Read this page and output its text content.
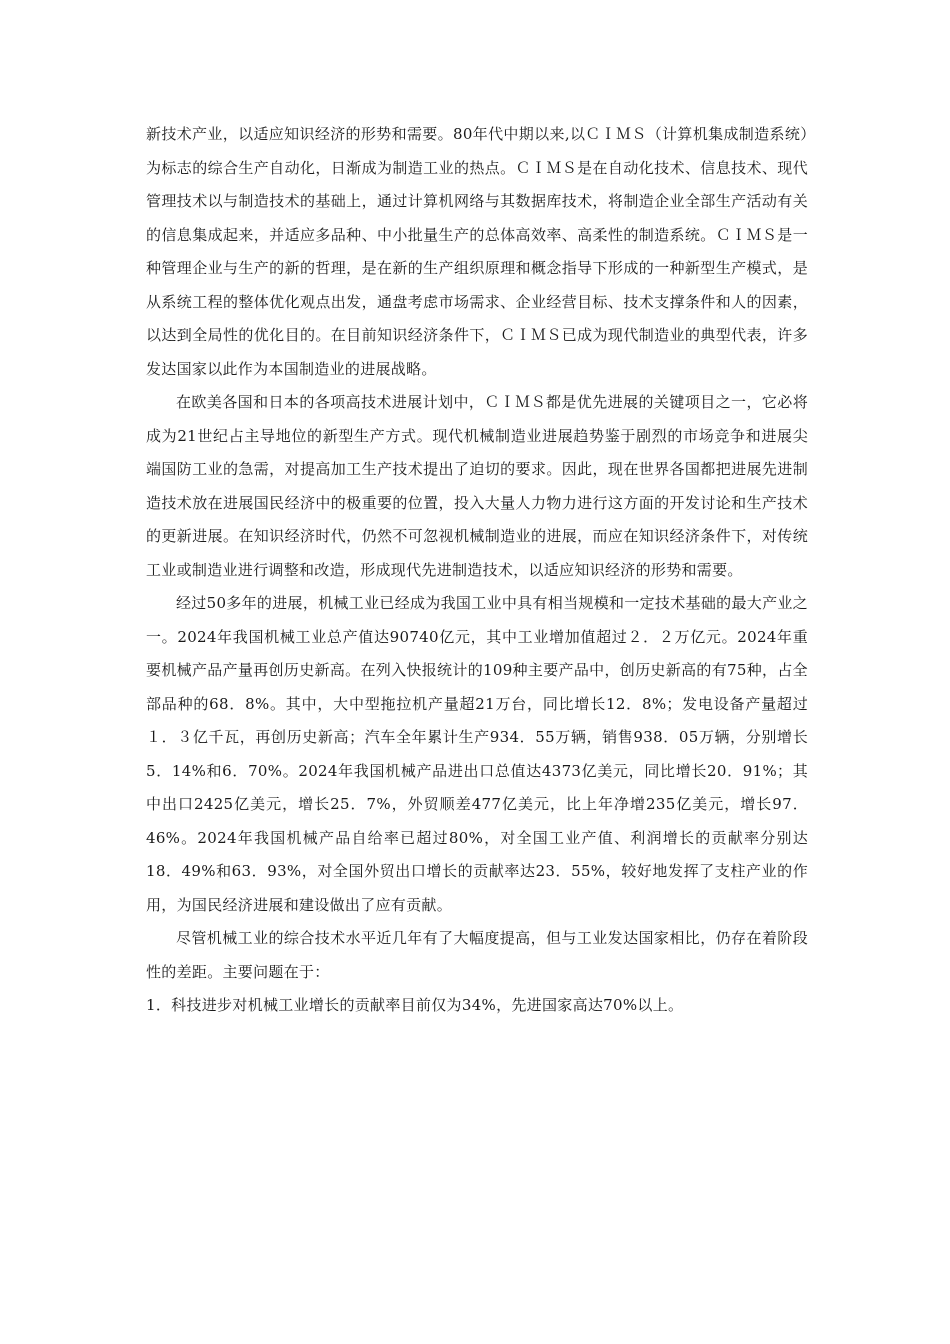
新技术产业，以适应知识经济的形势和需要。80年代中期以来,以ＣＩＭＳ（计算机集成制造系统）为标志的综合生产自动化，日渐成为制造工业的热点。ＣＩＭＳ是在自动化技术、信息技术、现代管理技术以与制造技术的基础上，通过计算机网络与其数据库技术，将制造企业全部生产活动有关的信息集成起来，并适应多品种、中小批量生产的总体高效率、高柔性的制造系统。ＣＩＭＳ是一种管理企业与生产的新的哲理，是在新的生产组织原理和概念指导下形成的一种新型生产模式，是从系统工程的整体优化观点出发，通盘考虑市场需求、企业经营目标、技术支撑条件和人的因素，以达到全局性的优化目的。在目前知识经济条件下，ＣＩＭＳ已成为现代制造业的典型代表，许多发达国家以此作为本国制造业的进展战略。

在欧美各国和日本的各项高技术进展计划中，ＣＩＭＳ都是优先进展的关键项目之一，它必将成为21世纪占主导地位的新型生产方式。现代机械制造业进展趋势鉴于剧烈的市场竞争和进展尖端国防工业的急需，对提高加工生产技术提出了迫切的要求。因此，现在世界各国都把进展先进制造技术放在进展国民经济中的极重要的位置，投入大量人力物力进行这方面的开发讨论和生产技术的更新进展。在知识经济时代，仍然不可忽视机械制造业的进展，而应在知识经济条件下，对传统工业或制造业进行调整和改造，形成现代先进制造技术，以适应知识经济的形势和需要。

经过50多年的进展，机械工业已经成为我国工业中具有相当规模和一定技术基础的最大产业之一。2024年我国机械工业总产值达90740亿元，其中工业增加值超过２．２万亿元。2024年重要机械产品产量再创历史新高。在列入快报统计的109种主要产品中，创历史新高的有75种，占全部品种的68．8%。其中，大中型拖拉机产量超21万台，同比增长12．8%；发电设备产量超过１．３亿千瓦，再创历史新高；汽车全年累计生产934．55万辆，销售938．05万辆，分别增长5．14%和6．70%。2024年我国机械产品进出口总值达4373亿美元，同比增长20．91%；其中出口2425亿美元，增长25．7%，外贸顺差477亿美元，比上年净增235亿美元，增长97．46%。2024年我国机械产品自给率已超过80%，对全国工业产值、利润增长的贡献率分别达18．49%和63．93%，对全国外贸出口增长的贡献率达23．55%，较好地发挥了支柱产业的作用，为国民经济进展和建设做出了应有贡献。

尽管机械工业的综合技术水平近几年有了大幅度提高，但与工业发达国家相比，仍存在着阶段性的差距。主要问题在于：

1．科技进步对机械工业增长的贡献率目前仅为34%，先进国家高达70%以上。
